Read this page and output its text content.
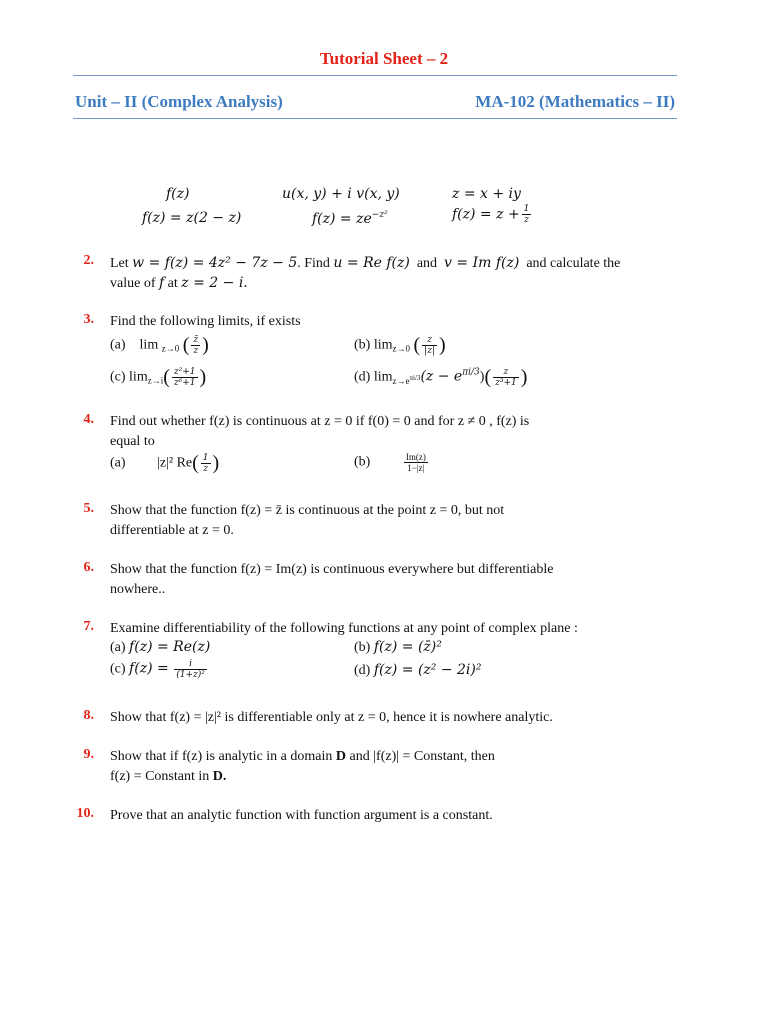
Tutorial Sheet – 2
Unit – II (Complex Analysis)	MA-102 (Mathematics – II)
f(z)	u(x, y) + i v(x, y)	z = x + iy
f(z) = z(2 − z)	$f(z) = ze^{-z^2}$	$f(z) = z + \frac{1}{z}$
2. Let w = f(z) = 4z² − 7z − 5. Find u = Re f(z) and v = Im f(z) and calculate the
value of f at z = 2 − i.
3. Find the following limits, if exists
(a) lim $_{z\to 0}$ ( $\frac{z̄}{z}$ )	(b) $\lim_{z\to 0}$ ( $\frac{z}{|z|}$ )
(c) $\lim_{z\to i}( \frac{\text{z²+1}}{\text{z⁶+1}}$ )	(d) $\lim_{z\to e^{\pi i/3}}(z - e^{\pi i/3})( \frac{z}{\text{z³+1}}$ )
4. Find out whether f(z) is continuous at z = 0 if f(0) = 0 and for z ≠ 0 , f(z) is
equal to
(a) |z|² $Re( \frac{1}{z}$ )	(b)	$\frac{Im(z)}{1-|z|}$
5. Show that the function f(z) = z̄ is continuous at the point z = 0, but not
differentiable at z = 0.
6. Show that the function f(z) = Im(z) is continuous everywhere but differentiable
nowhere..
7. Examine differentiability of the following functions at any point of complex plane :
(a) f(z) = Re(z)	(b) f(z) = (z̄)²
(c) $f(z) = \frac{i}{\text{(1+z)²}}$	(d) f(z) = (z² − 2i)²
8. Show that f(z) = |z|² is differentiable only at z = 0, hence it is nowhere analytic.
9. Show that if f(z) is analytic in a domain D and |f(z)| = Constant, then
f(z) = Constant in D.
10. Prove that an analytic function with function argument is a constant.
